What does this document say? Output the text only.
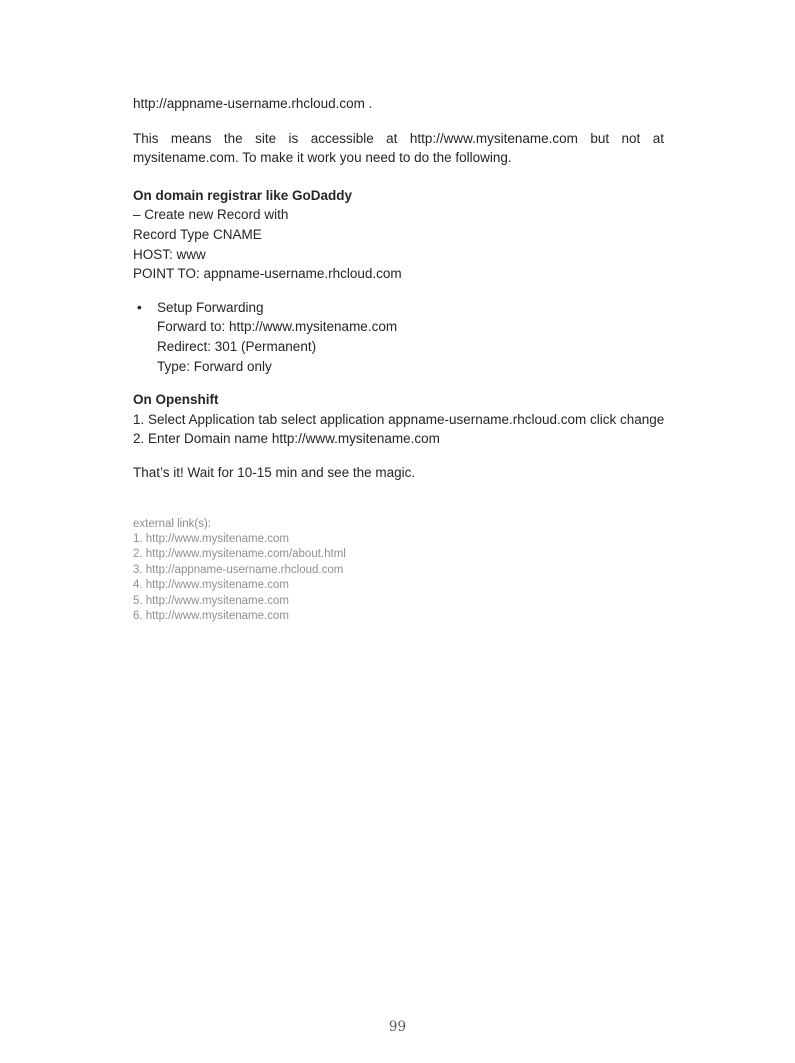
http://appname-username.rhcloud.com .

This means the site is accessible at http://www.mysitename.com but not at mysitename.com. To make it work you need to do the following.

On domain registrar like GoDaddy

– Create new Record with

Record Type CNAME

HOST: www

POINT TO: appname-username.rhcloud.com

• Setup Forwarding

Forward to: http://www.mysitename.com

Redirect: 301 (Permanent)

Type: Forward only

On Openshift

1. Select Application tab select application appname-username.rhcloud.com click change

2. Enter Domain name http://www.mysitename.com

That’s it! Wait for 10-15 min and see the magic.

external link(s):

1. http://www.mysitename.com

2. http://www.mysitename.com/about.html

3. http://appname-username.rhcloud.com

4. http://www.mysitename.com

5. http://www.mysitename.com

6. http://www.mysitename.com

99
